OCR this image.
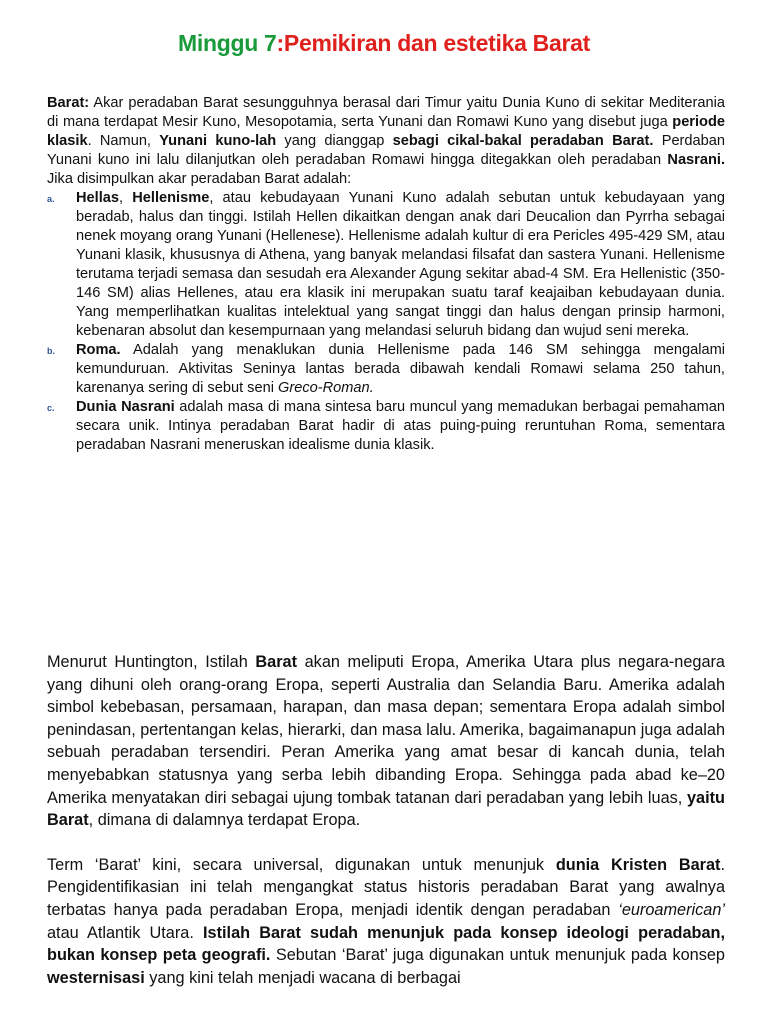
Minggu 7:Pemikiran dan estetika Barat

Barat: Akar peradaban Barat sesungguhnya berasal dari Timur yaitu Dunia Kuno di sekitar Mediterania di mana terdapat Mesir Kuno, Mesopotamia, serta Yunani dan Romawi Kuno yang disebut juga periode klasik. Namun, Yunani kuno-lah yang dianggap sebagi cikal-bakal peradaban Barat. Perdaban Yunani kuno ini lalu dilanjutkan oleh peradaban Romawi hingga ditegakkan oleh peradaban Nasrani. Jika disimpulkan akar peradaban Barat adalah:

a. Hellas, Hellenisme, atau kebudayaan Yunani Kuno adalah sebutan untuk kebudayaan yang beradab, halus dan tinggi. Istilah Hellen dikaitkan dengan anak dari Deucalion dan Pyrrha sebagai nenek moyang orang Yunani (Hellenese). Hellenisme adalah kultur di era Pericles 495-429 SM, atau Yunani klasik, khususnya di Athena, yang banyak melandasi filsafat dan sastera Yunani. Hellenisme terutama terjadi semasa dan sesudah era Alexander Agung sekitar abad-4 SM. Era Hellenistic (350-146 SM) alias Hellenes, atau era klasik ini merupakan suatu taraf keajaiban kebudayaan dunia. Yang memperlihatkan kualitas intelektual yang sangat tinggi dan halus dengan prinsip harmoni, kebenaran absolut dan kesempurnaan yang melandasi seluruh bidang dan wujud seni mereka.
b. Roma. Adalah yang menaklukan dunia Hellenisme pada 146 SM sehingga mengalami kemunduruan. Aktivitas Seninya lantas berada dibawah kendali Romawi selama 250 tahun, karenanya sering di sebut seni Greco-Roman.
c. Dunia Nasrani adalah masa di mana sintesa baru muncul yang memadukan berbagai pemahaman secara unik. Intinya peradaban Barat hadir di atas puing-puing reruntuhan Roma, sementara peradaban Nasrani meneruskan idealisme dunia klasik.

Menurut Huntington, Istilah Barat akan meliputi Eropa, Amerika Utara plus negara-negara yang dihuni oleh orang-orang Eropa, seperti Australia dan Selandia Baru. Amerika adalah simbol kebebasan, persamaan, harapan, dan masa depan; sementara Eropa adalah simbol penindasan, pertentangan kelas, hierarki, dan masa lalu. Amerika, bagaimanapun juga adalah sebuah peradaban tersendiri. Peran Amerika yang amat besar di kancah dunia, telah menyebabkan statusnya yang serba lebih dibanding Eropa. Sehingga pada abad ke–20 Amerika menyatakan diri sebagai ujung tombak tatanan dari peradaban yang lebih luas, yaitu Barat, dimana di dalamnya terdapat Eropa.

Term ‘Barat’ kini, secara universal, digunakan untuk menunjuk dunia Kristen Barat. Pengidentifikasian ini telah mengangkat status historis peradaban Barat yang awalnya terbatas hanya pada peradaban Eropa, menjadi identik dengan peradaban ‘euroamerican’ atau Atlantik Utara. Istilah Barat sudah menunjuk pada konsep ideologi peradaban, bukan konsep peta geografi. Sebutan ‘Barat’ juga digunakan untuk menunjuk pada konsep westernisasi yang kini telah menjadi wacana di berbagai
